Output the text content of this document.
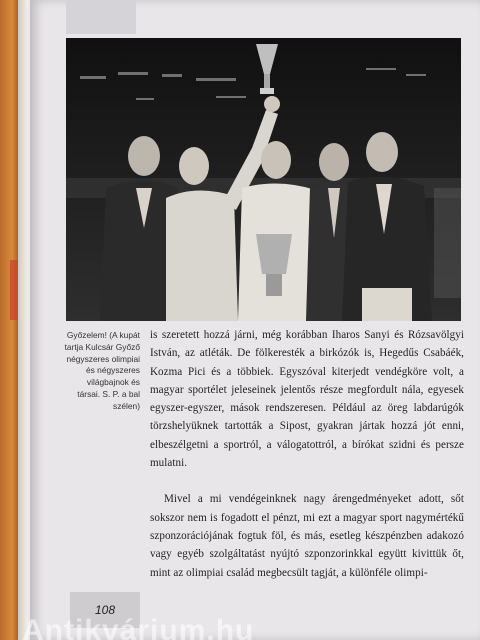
Győzelem! (A kupát tartja Kulcsár Győző négyszeres olimpiai és négyszeres világbajnok és társai. S. P. a bal szélen)

is szeretett hozzá járni, még korábban Iharos Sanyi és Rózsavölgyi István, az atléták. De fölkeresték a birkózók is, Hegedűs Csabáék, Kozma Pici és a többiek. Egyszóval kiterjedt vendégköre volt, a magyar sportélet jeleseinek jelentős része megfordult nála, egyesek egyszer-egyszer, mások rendszeresen. Például az öreg labdarúgók törzshelyüknek tartották a Sipost, gyakran jártak hozzá jót enni, elbeszélgetni a sportról, a válogatottról, a bírókat szidni és persze mulatni.

Mivel a mi vendégeinknek nagy árengedményeket adott, sőt sokszor nem is fogadott el pénzt, mi ezt a magyar sport nagymértékű szponzorációjának fogtuk föl, és más, esetleg készpénzben adakozó vagy egyéb szolgáltatást nyújtó szponzorinkkal együtt kivittük őt, mint az olimpiai család megbecsült tagját, a különféle olimpi-

108
Antikvárium.hu
